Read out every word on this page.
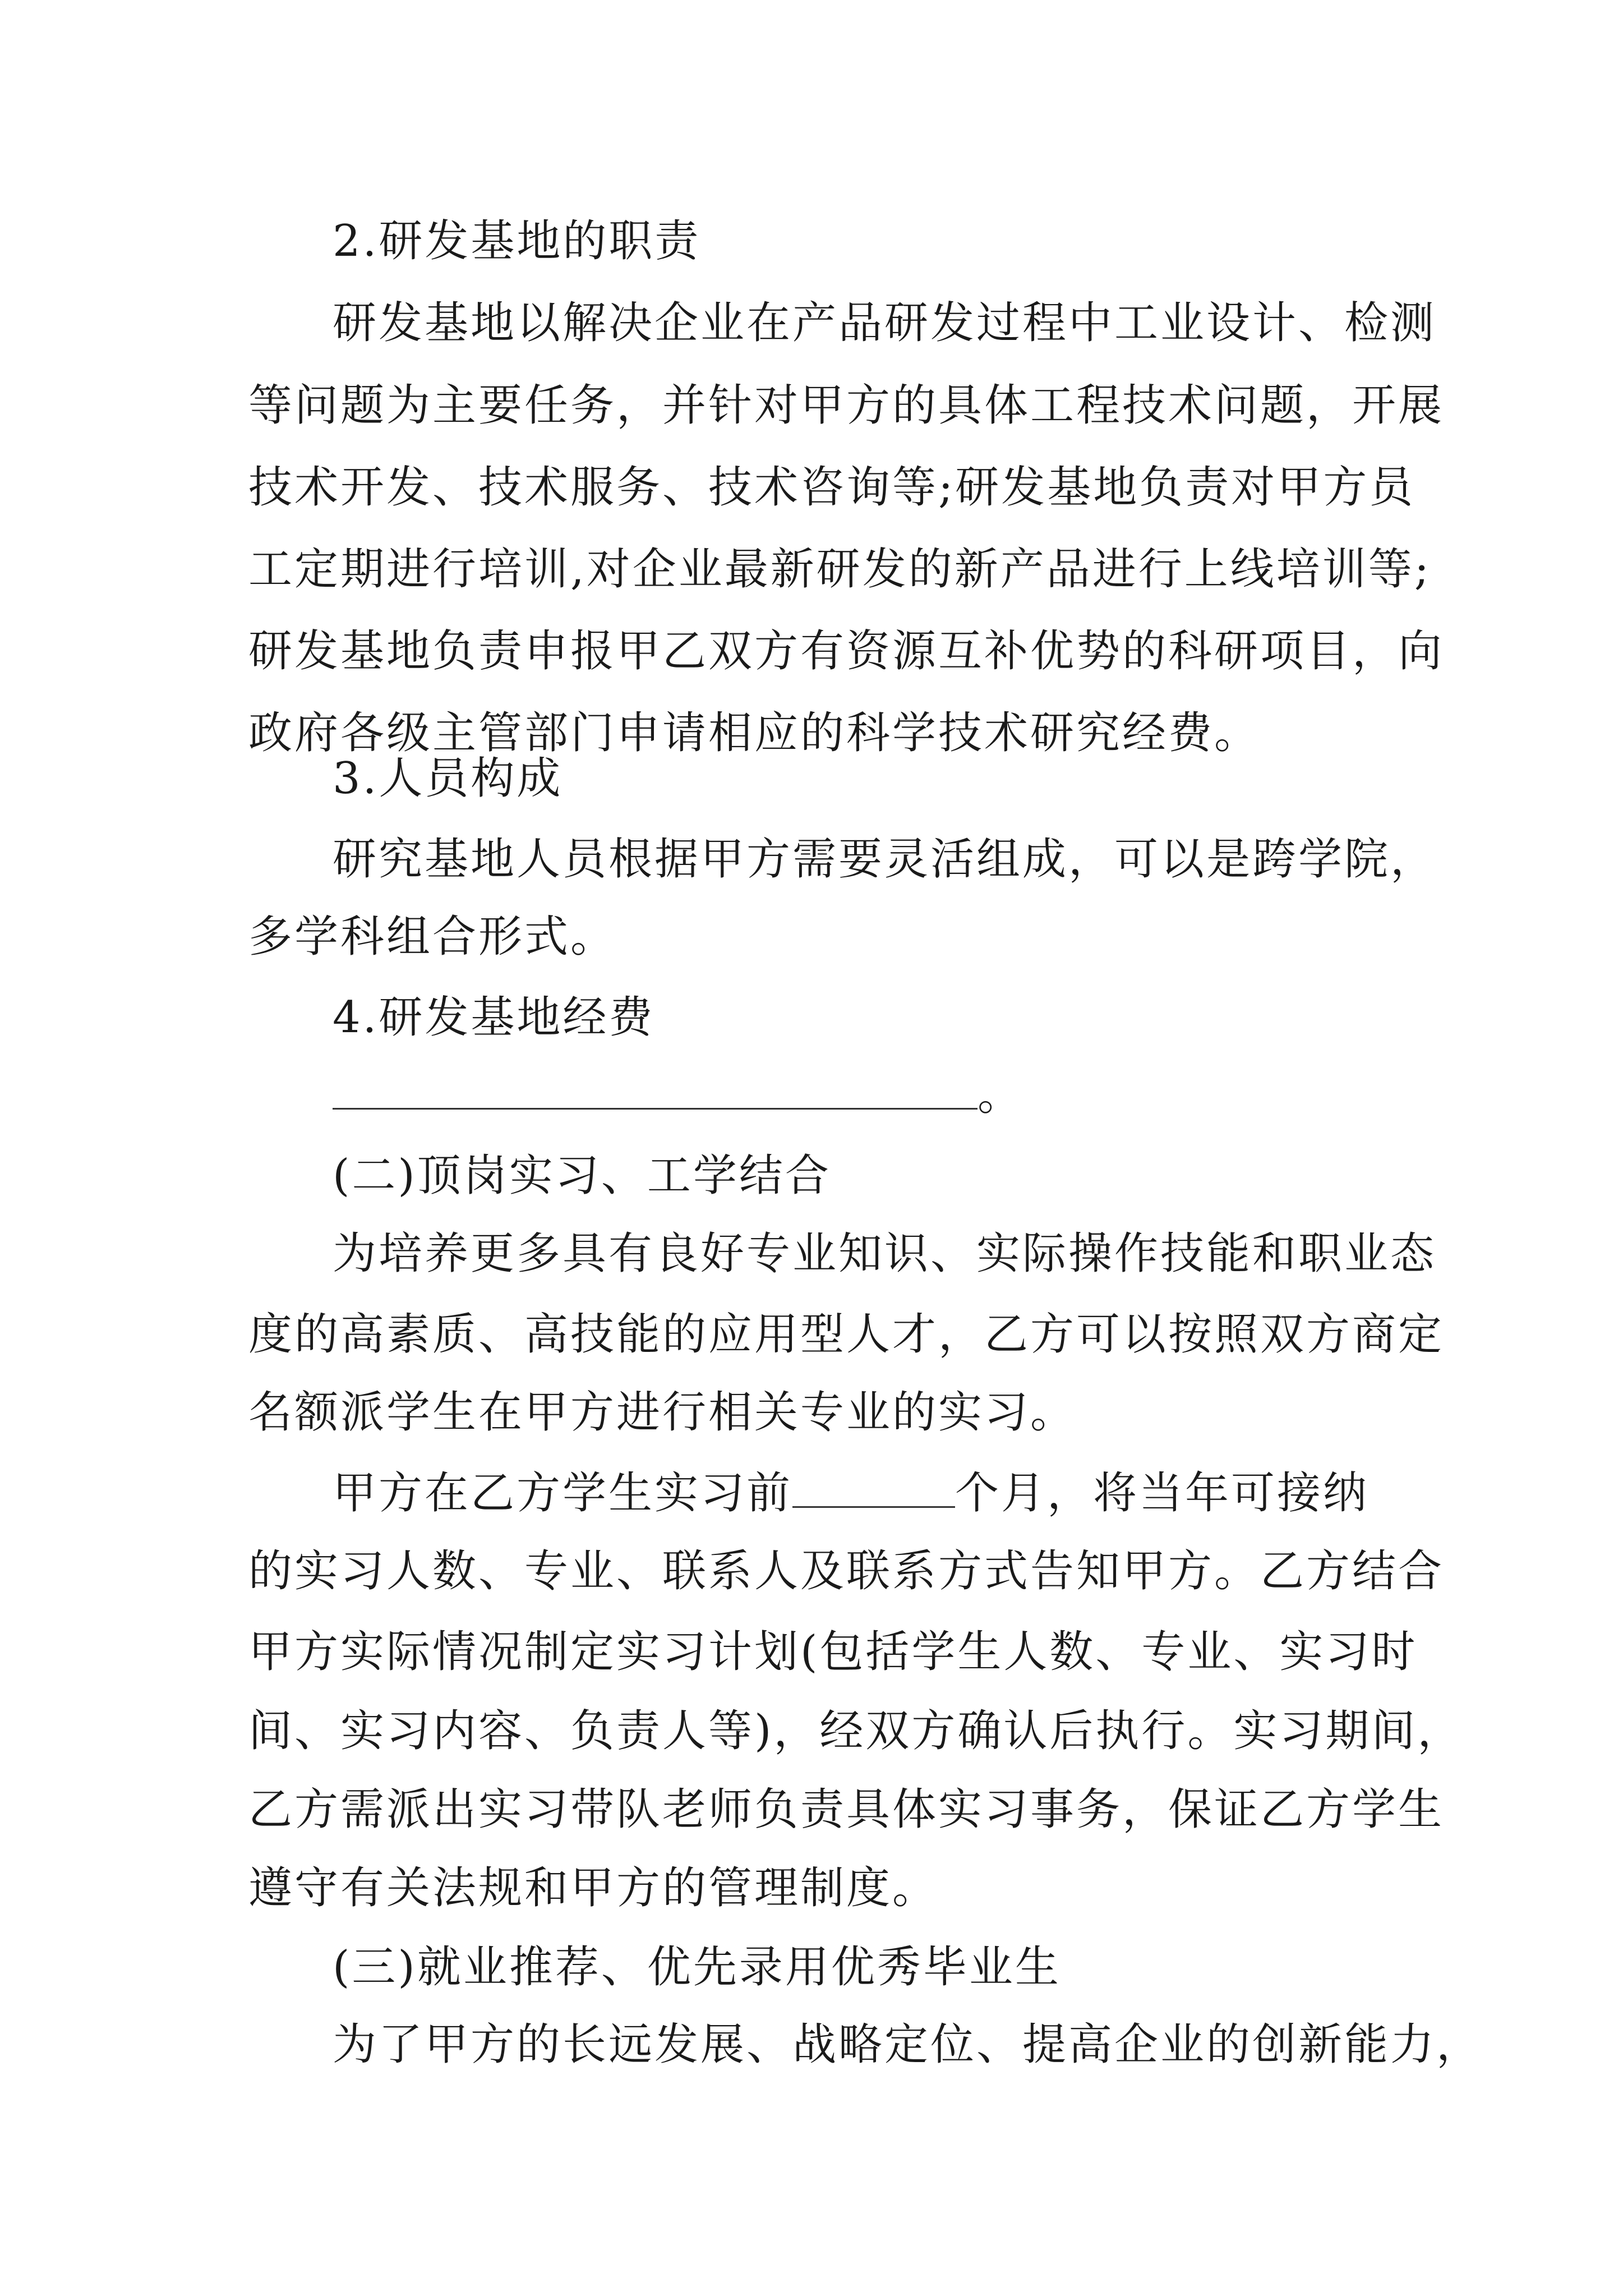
2.研发基地的职责
研发基地以解决企业在产品研发过程中工业设计、检测
等问题为主要任务，并针对甲方的具体工程技术问题，开展
技术开发、技术服务、技术咨询等;研发基地负责对甲方员
工定期进行培训,对企业最新研发的新产品进行上线培训等;
研发基地负责申报甲乙双方有资源互补优势的科研项目，向
政府各级主管部门申请相应的科学技术研究经费。
3.人员构成
研究基地人员根据甲方需要灵活组成，可以是跨学院，
多学科组合形式。
4.研发基地经费
。
(二)顶岗实习、工学结合
为培养更多具有良好专业知识、实际操作技能和职业态
度的高素质、高技能的应用型人才，乙方可以按照双方商定
名额派学生在甲方进行相关专业的实习。
甲方在乙方学生实习前	个月，将当年可接纳
的实习人数、专业、联系人及联系方式告知甲方。乙方结合
甲方实际情况制定实习计划(包括学生人数、专业、实习时
间、实习内容、负责人等)，经双方确认后执行。实习期间，
乙方需派出实习带队老师负责具体实习事务，保证乙方学生
遵守有关法规和甲方的管理制度。
(三)就业推荐、优先录用优秀毕业生
为了甲方的长远发展、战略定位、提高企业的创新能力，
